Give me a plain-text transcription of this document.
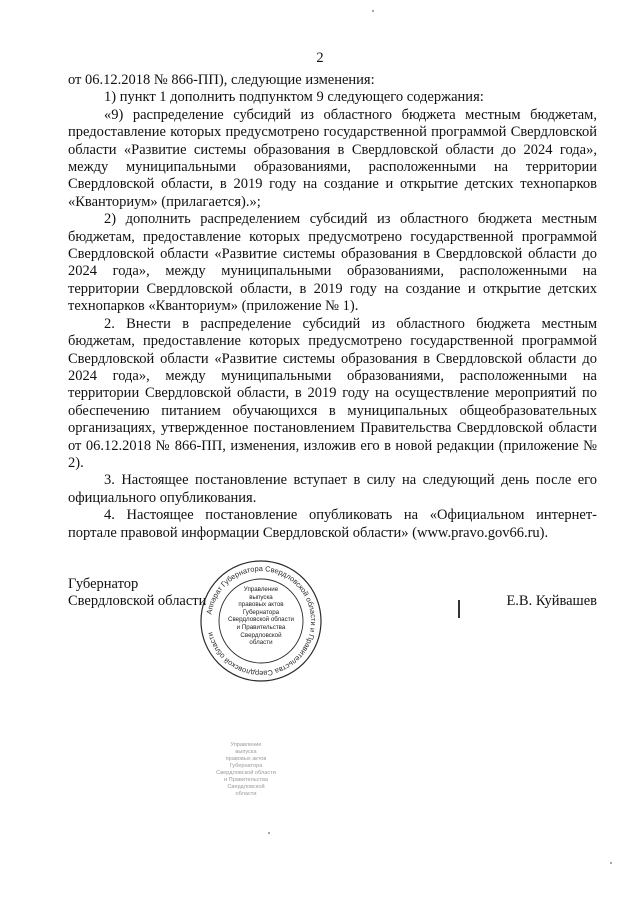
2

от 06.12.2018 № 866-ПП), следующие изменения:

1) пункт 1 дополнить подпунктом 9 следующего содержания:

«9) распределение субсидий из областного бюджета местным бюджетам, предоставление которых предусмотрено государственной программой Свердловской области «Развитие системы образования в Свердловской области до 2024 года», между муниципальными образованиями, расположенными на территории Свердловской области, в 2019 году на создание и открытие детских технопарков «Кванториум» (прилагается).»;

2) дополнить распределением субсидий из областного бюджета местным бюджетам, предоставление которых предусмотрено государственной программой Свердловской области «Развитие системы образования в Свердловской области до 2024 года», между муниципальными образованиями, расположенными на территории Свердловской области, в 2019 году на создание и открытие детских технопарков «Кванториум» (приложение № 1).

2. Внести в распределение субсидий из областного бюджета местным бюджетам, предоставление которых предусмотрено государственной программой Свердловской области «Развитие системы образования в Свердловской области до 2024 года», между муниципальными образованиями, расположенными на территории Свердловской области, в 2019 году на осуществление мероприятий по обеспечению питанием обучающихся в муниципальных общеобразовательных организациях, утвержденное постановлением Правительства Свердловской области от 06.12.2018 № 866-ПП, изменения, изложив его в новой редакции (приложение № 2).

3. Настоящее постановление вступает в силу на следующий день после его официального опубликования.

4. Настоящее постановление опубликовать на «Официальном интернет-портале правовой информации Свердловской области» (www.pravo.gov66.ru).

Губернатор
Свердловской области	Е.В. Куйвашев
Аппарат Губернатора Свердловской области и Правительства Свердловской области
Управление
выпуска
правовых актов
Губернатора
Свердловской области
и Правительства
Свердловской
области
Управление
выпуска
правовых актов
Губернатора
Свердловской области
и Правительства
Свердловской
области
